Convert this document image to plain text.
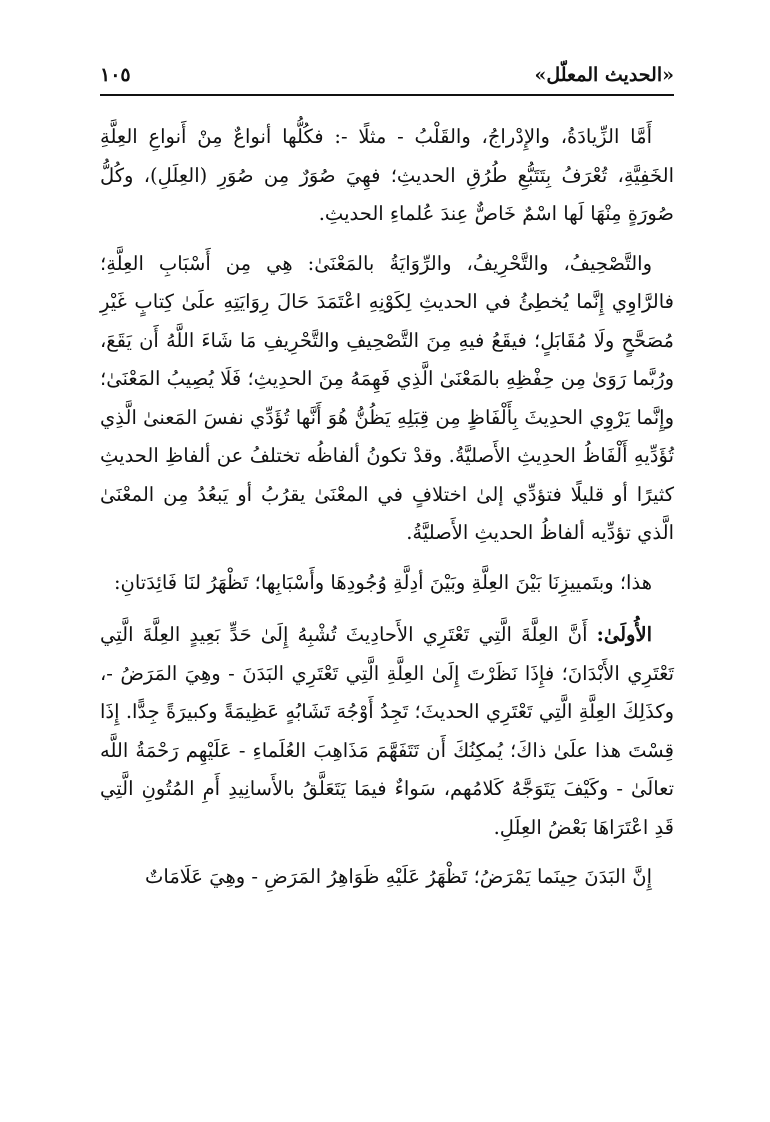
«الحديث المعلّل»
١٠٥

أَمَّا الزِّيادَةُ، والإِدْراجُ، والقَلْبُ - مثلًا -: فكُلُّها أنواعٌ مِنْ أَنواعِ العِلَّةِ الخَفِيَّةِ، تُعْرَفُ بِتَتَبُّعِ طُرُقِ الحديثِ؛ فهِيَ صُوَرٌ مِن صُوَرِ (العِلَلِ)، وكُلُّ صُورَةٍ مِنْهَا لَها اسْمٌ خَاصٌّ عِندَ عُلماءِ الحديثِ.

والتَّصْحِيفُ، والتَّحْرِيفُ، والرِّوَايَةُ بالمَعْنَىٰ: هِي مِن أَسْبَابِ العِلَّةِ؛ فالرَّاوِي إِنَّما يُخطِئُ في الحديثِ لِكَوْنِهِ اعْتَمَدَ حَالَ رِوَايَتِهِ علَىٰ كِتابٍ غَيْرِ مُصَحَّحٍ ولَا مُقَابَلٍ؛ فيقَعُ فيهِ مِنَ التَّصْحِيفِ والتَّحْرِيفِ مَا شَاءَ اللَّهُ أَن يَقَعَ، ورُبَّما رَوَىٰ مِن حِفْظِهِ بالمَعْنَىٰ الَّذِي فَهِمَهُ مِنَ الحدِيثِ؛ فَلَا يُصِيبُ المَعْنَىٰ؛ وإِنَّما يَرْوِي الحدِيثَ بِأَلْفَاظٍ مِن قِبَلِهِ يَظُنُّ هُوَ أَنَّها تُؤَدِّي نفسَ المَعنىٰ الَّذِي تُؤَدِّيهِ أَلْفَاظُ الحدِيثِ الأَصليَّةُ. وقدْ تكونُ ألفاظُه تختلفُ عن ألفاظِ الحديثِ كثيرًا أو قليلًا فتؤدِّي إلىٰ اختلافٍ في المعْنَىٰ يقرُبُ أو يَبعُدُ مِن المعْنَىٰ الَّذي تؤدِّيه ألفاظُ الحديثِ الأَصليَّةُ.

هذا؛ وبتَمييزِنَا بَيْنَ العِلَّةِ وبَيْنَ أدِلَّةِ وُجُودِهَا وأَسْبَابِها؛ تَظْهَرُ لنَا فَائِدَتانِ:

الأُولَىٰ: أَنَّ العِلَّةَ الَّتِي تَعْتَرِي الأَحادِيثَ تُشْبِهُ إِلَىٰ حَدٍّ بَعِيدٍ العِلَّةَ الَّتِي تَعْتَرِي الأَبْدَانَ؛ فإِذَا نَظَرْتَ إِلَىٰ العِلَّةِ الَّتِي تَعْتَرِي البَدَنَ - وهِيَ المَرَضُ -، وكذَلِكَ العِلَّةِ الَّتِي تَعْتَرِي الحديثَ؛ تَجِدُ أَوْجُهَ تَشَابُهٍ عَظِيمَةً وكبيرَةً جِدًّا. إِذَا قِسْتَ هذا علَىٰ ذاكَ؛ يُمكِنُكَ أَن تَتَفَهَّمَ مَذَاهِبَ العُلَماءِ - عَلَيْهِم رَحْمَةُ اللَّه تعالَىٰ - وكَيْفَ يَتَوَجَّهُ كَلامُهم، سَواءٌ فيمَا يَتَعَلَّقُ بالأَسانِيدِ أَمِ المُتُونِ الَّتِي قَدِ اعْتَرَاهَا بَعْضُ العِلَلِ.

إِنَّ البَدَنَ حِينَما يَمْرَضُ؛ تَظْهَرُ عَلَيْهِ ظَوَاهِرُ المَرَضِ - وهِيَ عَلَامَاتٌ
